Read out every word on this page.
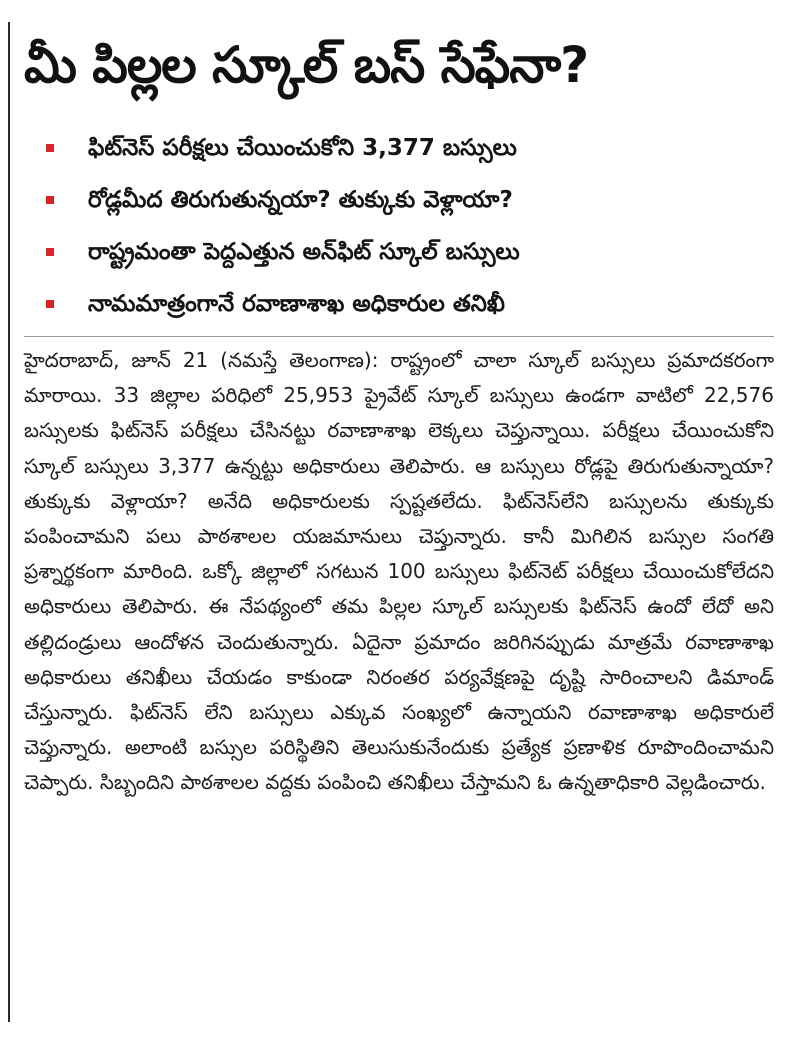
మీ పిల్లల స్కూల్‌ బస్‌ సేఫేనా?
ఫిట్‌నెస్‌ పరీక్షలు చేయించుకోని 3,377 బస్సులు
రోడ్లమీద తిరుగుతున్నయా? తుక్కుకు వెళ్లాయా?
రాష్ట్రమంతా పెద్దఎత్తున అన్‌ఫిట్‌ స్కూల్‌ బస్సులు
నామమాత్రంగానే రవాణాశాఖ అధికారుల తనిఖీ

హైదరాబాద్‌, జూన్‌ 21 (నమస్తే తెలంగాణ): రాష్ట్రంలో చాలా స్కూల్‌ బస్సులు ప్రమాదకరంగా మారాయి. 33 జిల్లాల పరిధిలో 25,953 ప్రైవేట్‌ స్కూల్‌ బస్సులు ఉండగా వాటిలో 22,576 బస్సులకు ఫిట్‌నెస్‌ పరీక్షలు చేసినట్టు రవాణాశాఖ లెక్కలు చెప్తున్నాయి. పరీక్షలు చేయించుకోని స్కూల్‌ బస్సులు 3,377 ఉన్నట్టు అధికారులు తెలిపారు. ఆ బస్సులు రోడ్లపై తిరుగుతున్నాయా? తుక్కుకు వెళ్లాయా? అనేది అధికారులకు స్పష్టతలేదు. ఫిట్‌నెస్‌లేని బస్సులను తుక్కుకు పంపించామని పలు పాఠశాలల యజమానులు చెప్తున్నారు. కానీ మిగిలిన బస్సుల సంగతి ప్రశ్నార్థకంగా మారింది. ఒక్కో జిల్లాలో సగటున 100 బస్సులు ఫిట్‌నెట్‌ పరీక్షలు చేయించుకోలేదని అధికారులు తెలిపారు. ఈ నేపథ్యంలో తమ పిల్లల స్కూల్‌ బస్సులకు ఫిట్‌నెస్‌ ఉందో లేదో అని తల్లిదండ్రులు ఆందోళన చెందుతున్నారు. ఏదైనా ప్రమాదం జరిగినప్పుడు మాత్రమే రవాణాశాఖ అధికారులు తనిఖీలు చేయడం కాకుండా నిరంతర పర్యవేక్షణపై దృష్టి సారించాలని డిమాండ్‌ చేస్తున్నారు. ఫిట్‌నెస్‌ లేని బస్సులు ఎక్కువ సంఖ్యలో ఉన్నాయని రవాణాశాఖ అధికారులే చెప్తున్నారు. అలాంటి బస్సుల పరిస్థితిని తెలుసుకునేందుకు ప్రత్యేక ప్రణాళిక రూపొందించామని చెప్పారు. సిబ్బందిని పాఠశాలల వద్దకు పంపించి తనిఖీలు చేస్తామని ఓ ఉన్నతాధికారి వెల్లడించారు.
